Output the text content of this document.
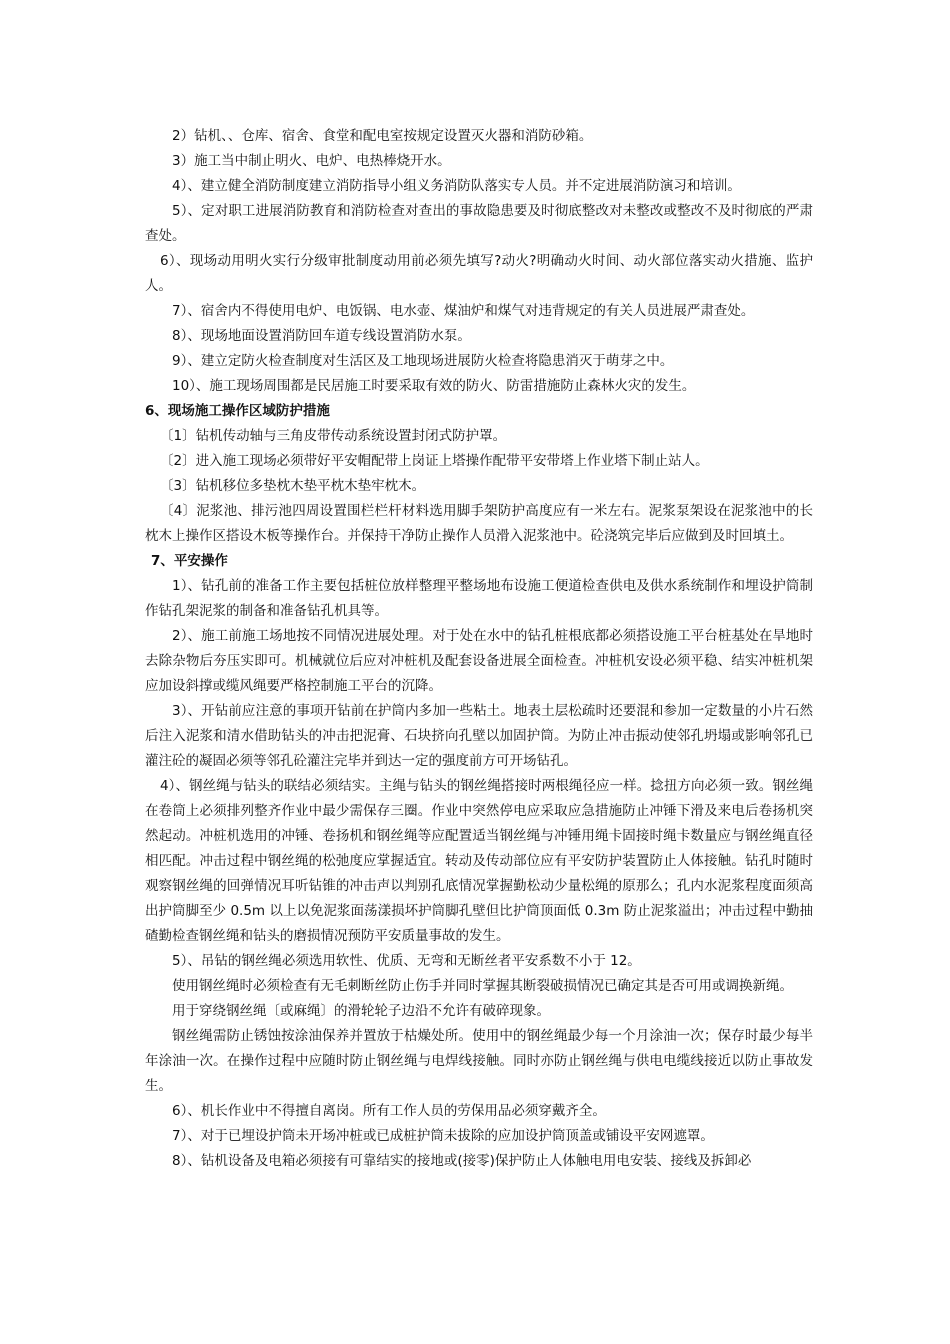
2）钻机、、仓库、宿舍、食堂和配电室按规定设置灭火器和消防砂箱。

3）施工当中制止明火、电炉、电热棒烧开水。

4）、建立健全消防制度建立消防指导小组义务消防队落实专人员。并不定进展消防演习和培训。

5）、定对职工进展消防教育和消防检查对查出的事故隐患要及时彻底整改对未整改或整改不及时彻底的严肃查处。

6）、现场动用明火实行分级审批制度动用前必须先填写?动火?明确动火时间、动火部位落实动火措施、监护人。

7）、宿舍内不得使用电炉、电饭锅、电水壶、煤油炉和煤气对违背规定的有关人员进展严肃查处。

8）、现场地面设置消防回车道专线设置消防水泵。

9）、建立定防火检查制度对生活区及工地现场进展防火检查将隐患消灭于萌芽之中。

10）、施工现场周围都是民居施工时要采取有效的防火、防雷措施防止森林火灾的发生。

6、现场施工操作区域防护措施

〔1〕钻机传动轴与三角皮带传动系统设置封闭式防护罩。

〔2〕进入施工现场必须带好平安帽配带上岗证上塔操作配带平安带塔上作业塔下制止站人。

〔3〕钻机移位多垫枕木垫平枕木垫牢枕木。

〔4〕泥浆池、排污池四周设置围栏栏杆材料选用脚手架防护高度应有一米左右。泥浆泵架设在泥浆池中的长枕木上操作区搭设木板等操作台。并保持干净防止操作人员滑入泥浆池中。砼浇筑完毕后应做到及时回填土。

7、平安操作

1）、钻孔前的准备工作主要包括桩位放样整理平整场地布设施工便道检查供电及供水系统制作和埋设护筒制作钻孔架泥浆的制备和准备钻孔机具等。

2）、施工前施工场地按不同情况进展处理。对于处在水中的钻孔桩根底都必须搭设施工平台桩基处在旱地时去除杂物后夯压实即可。机械就位后应对冲桩机及配套设备进展全面检查。冲桩机安设必须平稳、结实冲桩机架应加设斜撑或缆风绳要严格控制施工平台的沉降。

3）、开钻前应注意的事项开钻前在护筒内多加一些粘土。地表土层松疏时还要混和参加一定数量的小片石然后注入泥浆和清水借助钻头的冲击把泥膏、石块挤向孔壁以加固护筒。为防止冲击振动使邻孔坍塌或影响邻孔已灌注砼的凝固必须等邻孔砼灌注完毕并到达一定的强度前方可开场钻孔。

4）、钢丝绳与钻头的联结必须结实。主绳与钻头的钢丝绳搭接时两根绳径应一样。捻扭方向必须一致。钢丝绳在卷筒上必须排列整齐作业中最少需保存三圈。作业中突然停电应采取应急措施防止冲锤下滑及来电后卷扬机突然起动。冲桩机选用的冲锤、卷扬机和钢丝绳等应配置适当钢丝绳与冲锤用绳卡固接时绳卡数量应与钢丝绳直径相匹配。冲击过程中钢丝绳的松弛度应掌握适宜。转动及传动部位应有平安防护装置防止人体接触。钻孔时随时观察钢丝绳的回弹情况耳听钻锥的冲击声以判别孔底情况掌握勤松动少量松绳的原那么；孔内水泥浆程度面须高出护筒脚至少 0.5m 以上以免泥浆面荡漾损坏护筒脚孔壁但比护筒顶面低 0.3m 防止泥浆溢出；冲击过程中勤抽碴勤检查钢丝绳和钻头的磨损情况预防平安质量事故的发生。

5）、吊钻的钢丝绳必须选用软性、优质、无弯和无断丝者平安系数不小于 12。

使用钢丝绳时必须检查有无毛刺断丝防止伤手并同时掌握其断裂破损情况已确定其是否可用或调换新绳。

用于穿绕钢丝绳〔或麻绳〕的滑轮轮子边沿不允许有破碎现象。

钢丝绳需防止锈蚀按涂油保养并置放于枯燥处所。使用中的钢丝绳最少每一个月涂油一次；保存时最少每半年涂油一次。在操作过程中应随时防止钢丝绳与电焊线接触。同时亦防止钢丝绳与供电电缆线接近以防止事故发生。

6）、机长作业中不得擅自离岗。所有工作人员的劳保用品必须穿戴齐全。

7）、对于已埋设护筒未开场冲桩或已成桩护筒未拔除的应加设护筒顶盖或铺设平安网遮罩。

8）、钻机设备及电箱必须接有可靠结实的接地或(接零)保护防止人体触电用电安装、接线及拆卸必
